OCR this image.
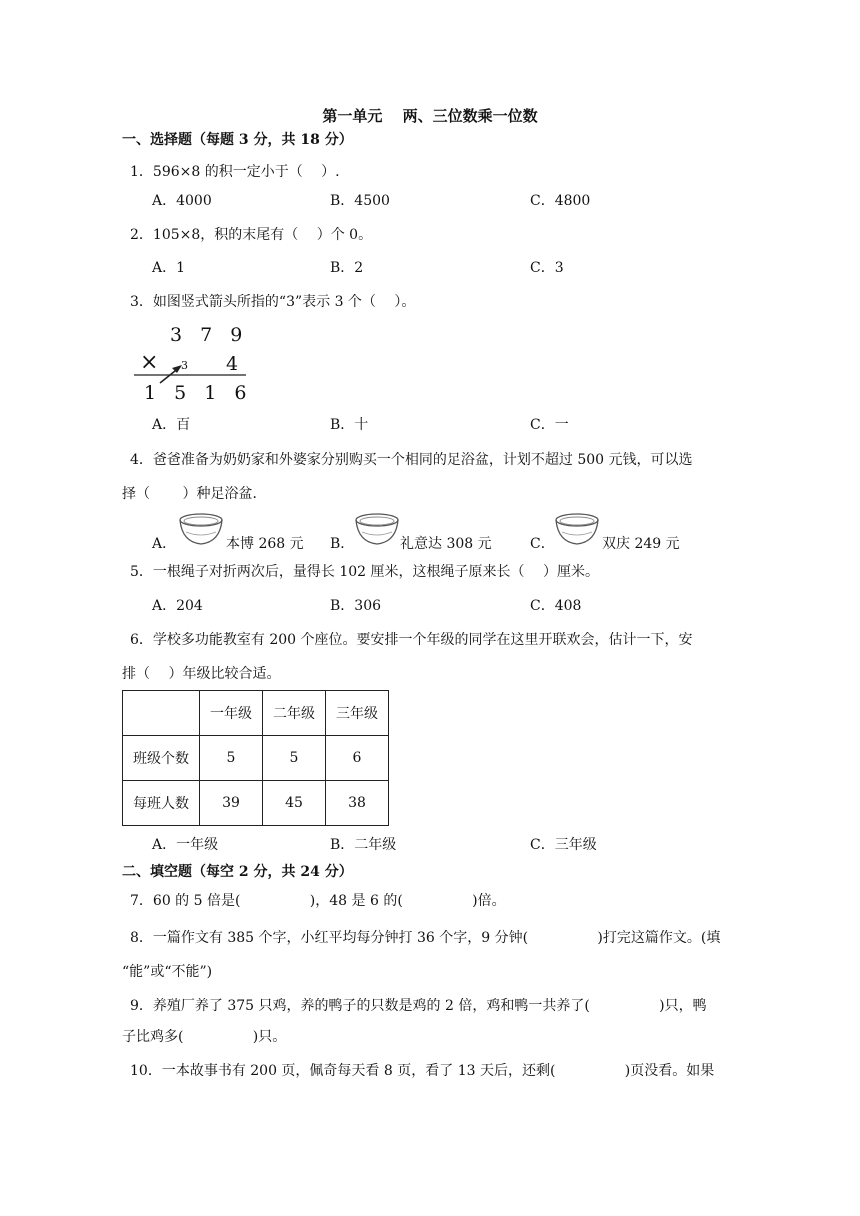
第一单元　 两、三位数乘一位数
一、选择题（每题 3 分，共 18 分）
1．596×8 的积一定小于（　 ）.
A．4000	B．4500	C．4800
2．105×8，积的末尾有（　 ）个 0。
A．1	B．2	C．3
3．如图竖式箭头所指的“3”表示 3 个（　 ）。
3 7 9
× 3 4
1 5 1 6
A．百	B．十	C．一
4．爸爸准备为奶奶家和外婆家分别购买一个相同的足浴盆，计划不超过 500 元钱，可以选
择（　 　）种足浴盆．
A．	本博 268 元 B．	礼意达 308 元	C．	双庆 249 元
5．一根绳子对折两次后，量得长 102 厘米，这根绳子原来长（　 ）厘米。
A．204	B．306	C．408
6．学校多功能教室有 200 个座位。要安排一个年级的同学在这里开联欢会，估计一下，安
排（　 ）年级比较合适。
	一年级	二年级	三年级
班级个数	5	5	6
每班人数	39	45	38
A．一年级	B．二年级	C．三年级
二、填空题（每空 2 分，共 24 分）
7．60 的 5 倍是(　 　 　 　)，48 是 6 的(　 　 　 　)倍。
8．一篇作文有 385 个字，小红平均每分钟打 36 个字，9 分钟(　 　 　 　)打完这篇作文。(填
“能”或“不能”)
9．养殖厂养了 375 只鸡，养的鸭子的只数是鸡的 2 倍，鸡和鸭一共养了(　 　 　 　)只，鸭
子比鸡多(　 　 　 　)只。
10．一本故事书有 200 页，佩奇每天看 8 页，看了 13 天后，还剩(　 　 　 　)页没看。如果
